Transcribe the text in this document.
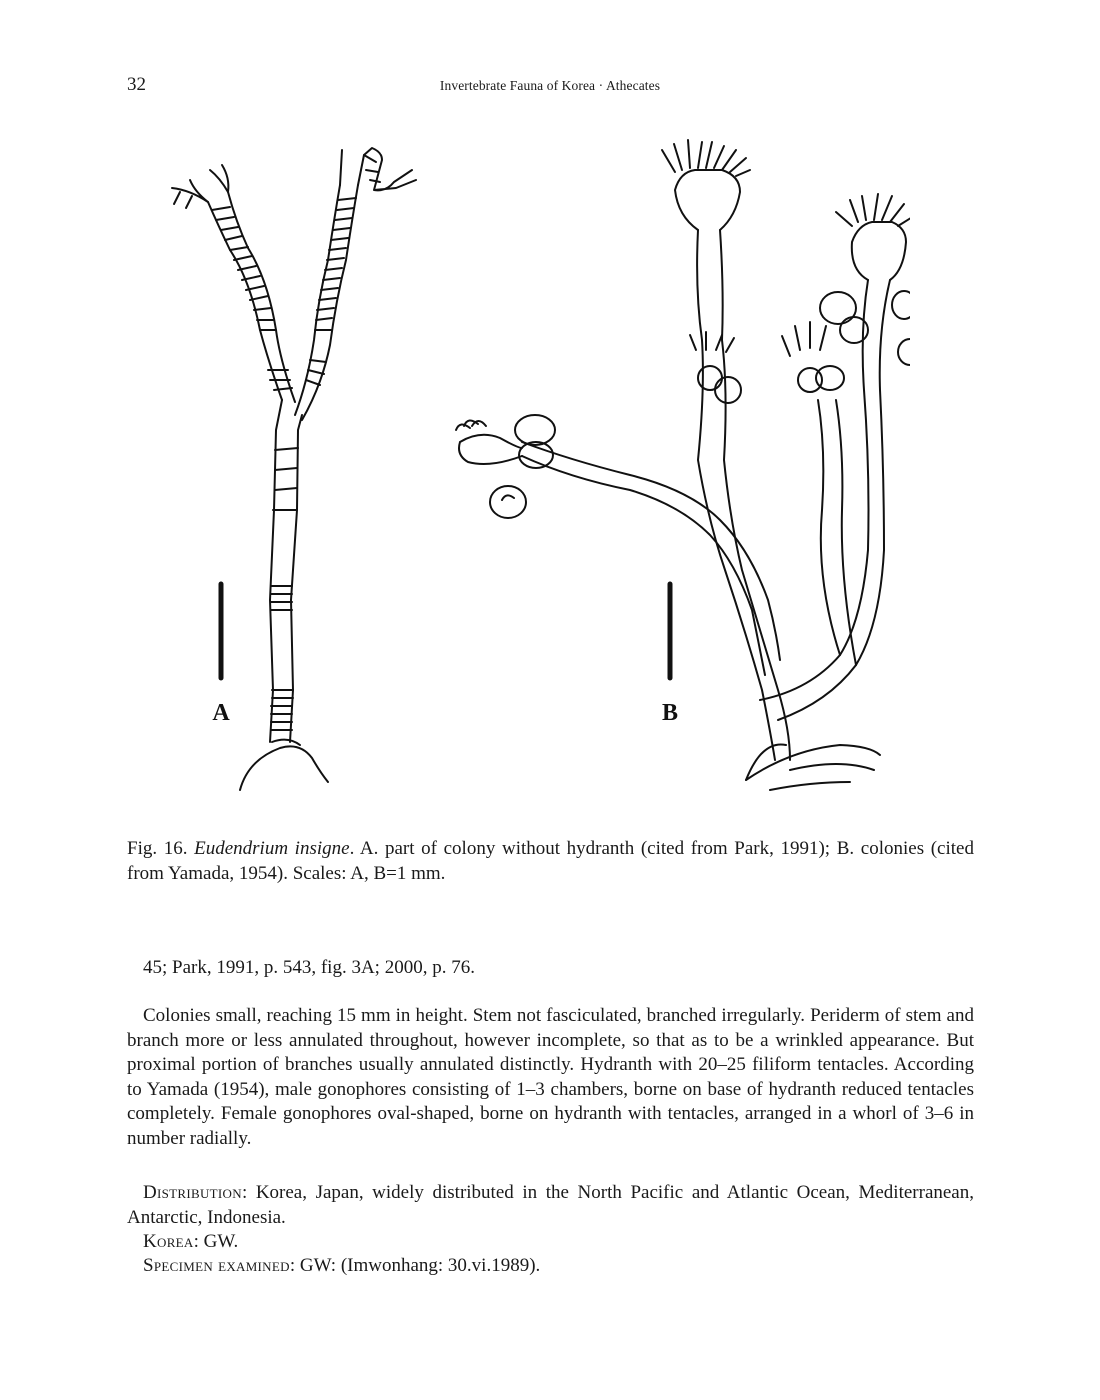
32	Invertebrate Fauna of Korea · Athecates
A	B
Fig. 16. Eudendrium insigne. A. part of colony without hydranth (cited from Park, 1991); B. colonies (cited from Yamada, 1954). Scales: A, B=1 mm.

45; Park, 1991, p. 543, fig. 3A; 2000, p. 76.

Colonies small, reaching 15 mm in height. Stem not fasciculated, branched irregularly. Periderm of stem and branch more or less annulated throughout, however incomplete, so that as to be a wrinkled appearance. But proximal portion of branches usually annulated distinctly. Hydranth with 20–25 filiform tentacles. According to Yamada (1954), male gonophores consisting of 1–3 chambers, borne on base of hydranth reduced tentacles completely. Female gonophores oval-shaped, borne on hydranth with tentacles, arranged in a whorl of 3–6 in number radially.

Distribution: Korea, Japan, widely distributed in the North Pacific and Atlantic Ocean, Mediterranean, Antarctic, Indonesia.

Korea: GW.

Specimen examined: GW: (Imwonhang: 30.vi.1989).
